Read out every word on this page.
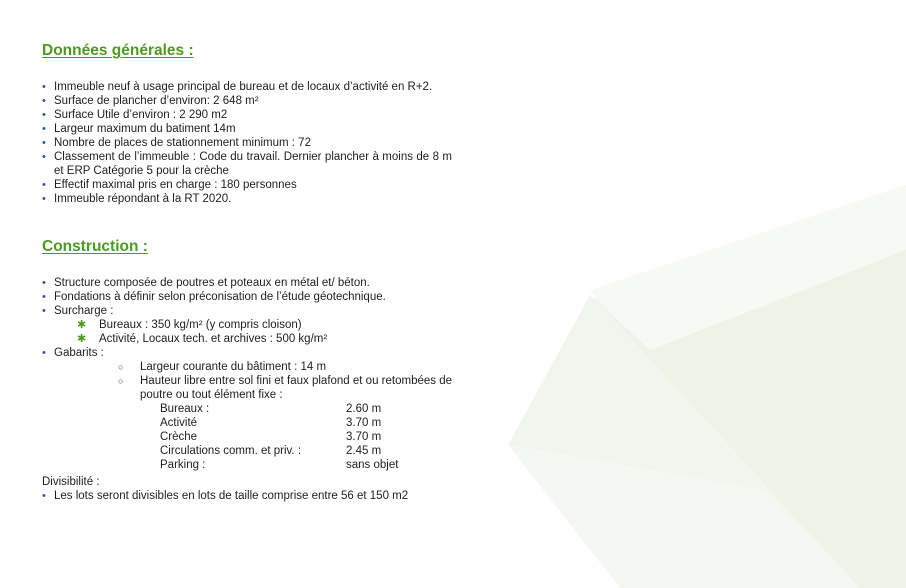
Données générales :
• Immeuble neuf à usage principal de bureau et de locaux d’activité en R+2.
• Surface de plancher d’environ: 2 648 m²
• Surface Utile d’environ : 2 290 m2
• Largeur maximum du batiment 14m
• Nombre de places de stationnement minimum : 72
• Classement de l’immeuble : Code du travail. Dernier plancher à moins de 8 m et ERP Catégorie 5 pour la crèche
• Effectif maximal pris en charge : 180 personnes
• Immeuble répondant à la RT 2020.
Construction :
• Structure composée de poutres et poteaux en métal et/ béton.
• Fondations à définir selon préconisation de l’étude géotechnique.
• Surcharge :
✱ Bureaux : 350 kg/m² (y compris cloison)
✱ Activité, Locaux tech. et archives : 500 kg/m²
• Gabarits :
○ Largeur courante du bâtiment : 14 m
○ Hauteur libre entre sol fini et faux plafond et ou retombées de poutre ou tout élément fixe :
Bureaux :	2.60 m
Activité	3.70 m
Crèche	3.70 m
Circulations comm. et priv. :	2.45 m
Parking :	sans objet
Divisibilité :
• Les lots seront divisibles en lots de taille comprise entre 56 et 150 m2
